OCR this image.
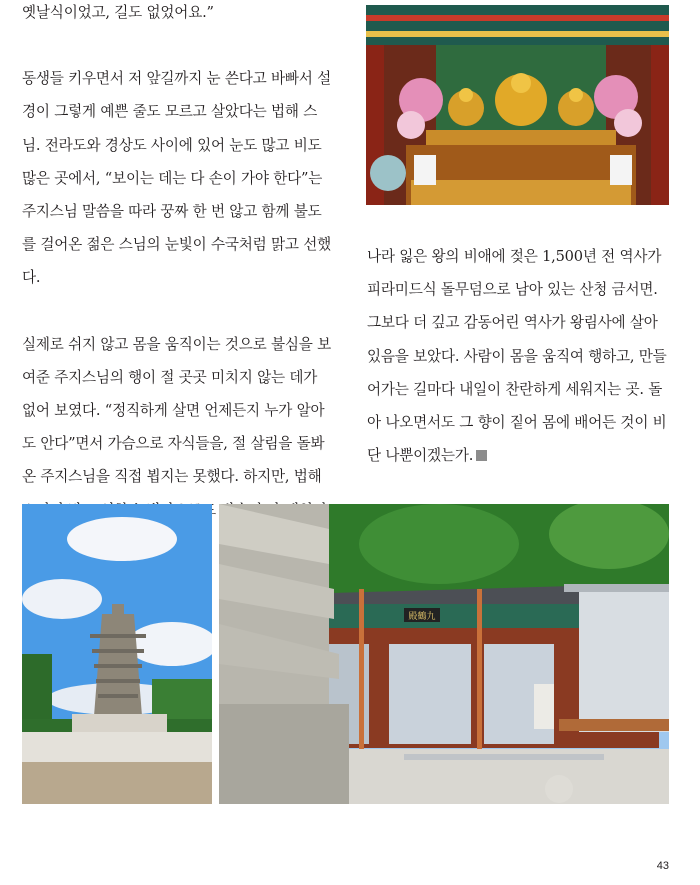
옛날식이었고, 길도 없었어요.”

동생들 키우면서 저 앞길까지 눈 쓴다고 바빠서 설경이 그렇게 예쁜 줄도 모르고 살았다는 법해 스님. 전라도와 경상도 사이에 있어 눈도 많고 비도 많은 곳에서, “보이는 데는 다 손이 가야 한다”는 주지스님 말씀을 따라 꿍짜 한 번 않고 함께 불도를 걸어온 젊은 스님의 눈빛이 수국처럼 맑고 선했다.

실제로 쉬지 않고 몸을 움직이는 것으로 불심을 보여준 주지스님의 행이 절 곳곳 미치지 않는 데가 없어 보였다. “정직하게 살면 언제든지 누가 알아도 안다”면서 가슴으로 자식들을, 절 살림을 돌봐온 주지스님을 직접 뵙지는 못했다. 하지만, 법해

나라 잃은 왕의 비애에 젖은 1,500년 전 역사가 피라미드식 돌무덤으로 남아 있는 산청 금서면. 그보다 더 깊고 감동어린 역사가 왕림사에 살아 있음을 보았다. 사람이 몸을 움직여 행하고, 만들어가는 길마다 내일이 찬란하게 세워지는 곳. 돌아 나오면서도 그 향이 짙어 몸에 배어든 것이 비단 나뿐이겠는가.

殿鶴九
43
